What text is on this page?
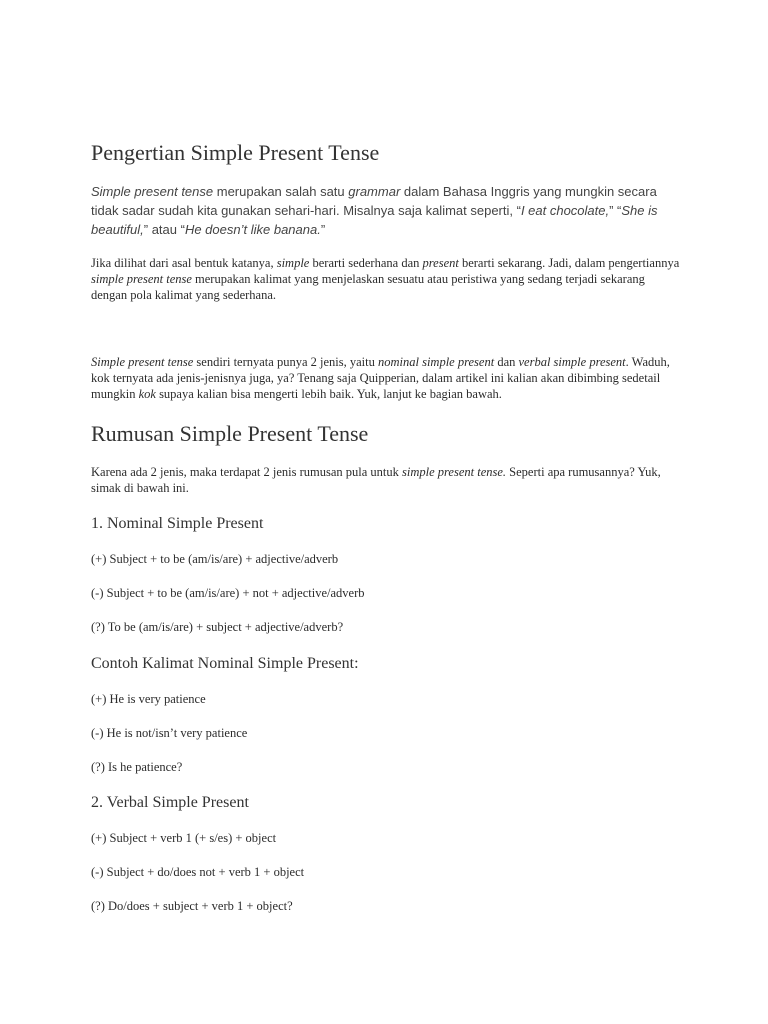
Pengertian Simple Present Tense

Simple present tense merupakan salah satu grammar dalam Bahasa Inggris yang mungkin secara tidak sadar sudah kita gunakan sehari-hari. Misalnya saja kalimat seperti, “I eat chocolate,” “She is beautiful,” atau “He doesn’t like banana.”

Jika dilihat dari asal bentuk katanya, simple berarti sederhana dan present berarti sekarang. Jadi, dalam pengertiannya simple present tense merupakan kalimat yang menjelaskan sesuatu atau peristiwa yang sedang terjadi sekarang dengan pola kalimat yang sederhana.

Simple present tense sendiri ternyata punya 2 jenis, yaitu nominal simple present dan verbal simple present. Waduh, kok ternyata ada jenis-jenisnya juga, ya? Tenang saja Quipperian, dalam artikel ini kalian akan dibimbing sedetail mungkin kok supaya kalian bisa mengerti lebih baik. Yuk, lanjut ke bagian bawah.

Rumusan Simple Present Tense

Karena ada 2 jenis, maka terdapat 2 jenis rumusan pula untuk simple present tense. Seperti apa rumusannya? Yuk, simak di bawah ini.

1. Nominal Simple Present

(+) Subject + to be (am/is/are) + adjective/adverb

(-) Subject + to be (am/is/are) + not + adjective/adverb

(?) To be (am/is/are) + subject + adjective/adverb?

Contoh Kalimat Nominal Simple Present:

(+) He is very patience

(-) He is not/isn’t very patience

(?) Is he patience?

2. Verbal Simple Present

(+) Subject + verb 1 (+ s/es) + object

(-) Subject + do/does not + verb 1 + object

(?) Do/does + subject + verb 1 + object?
